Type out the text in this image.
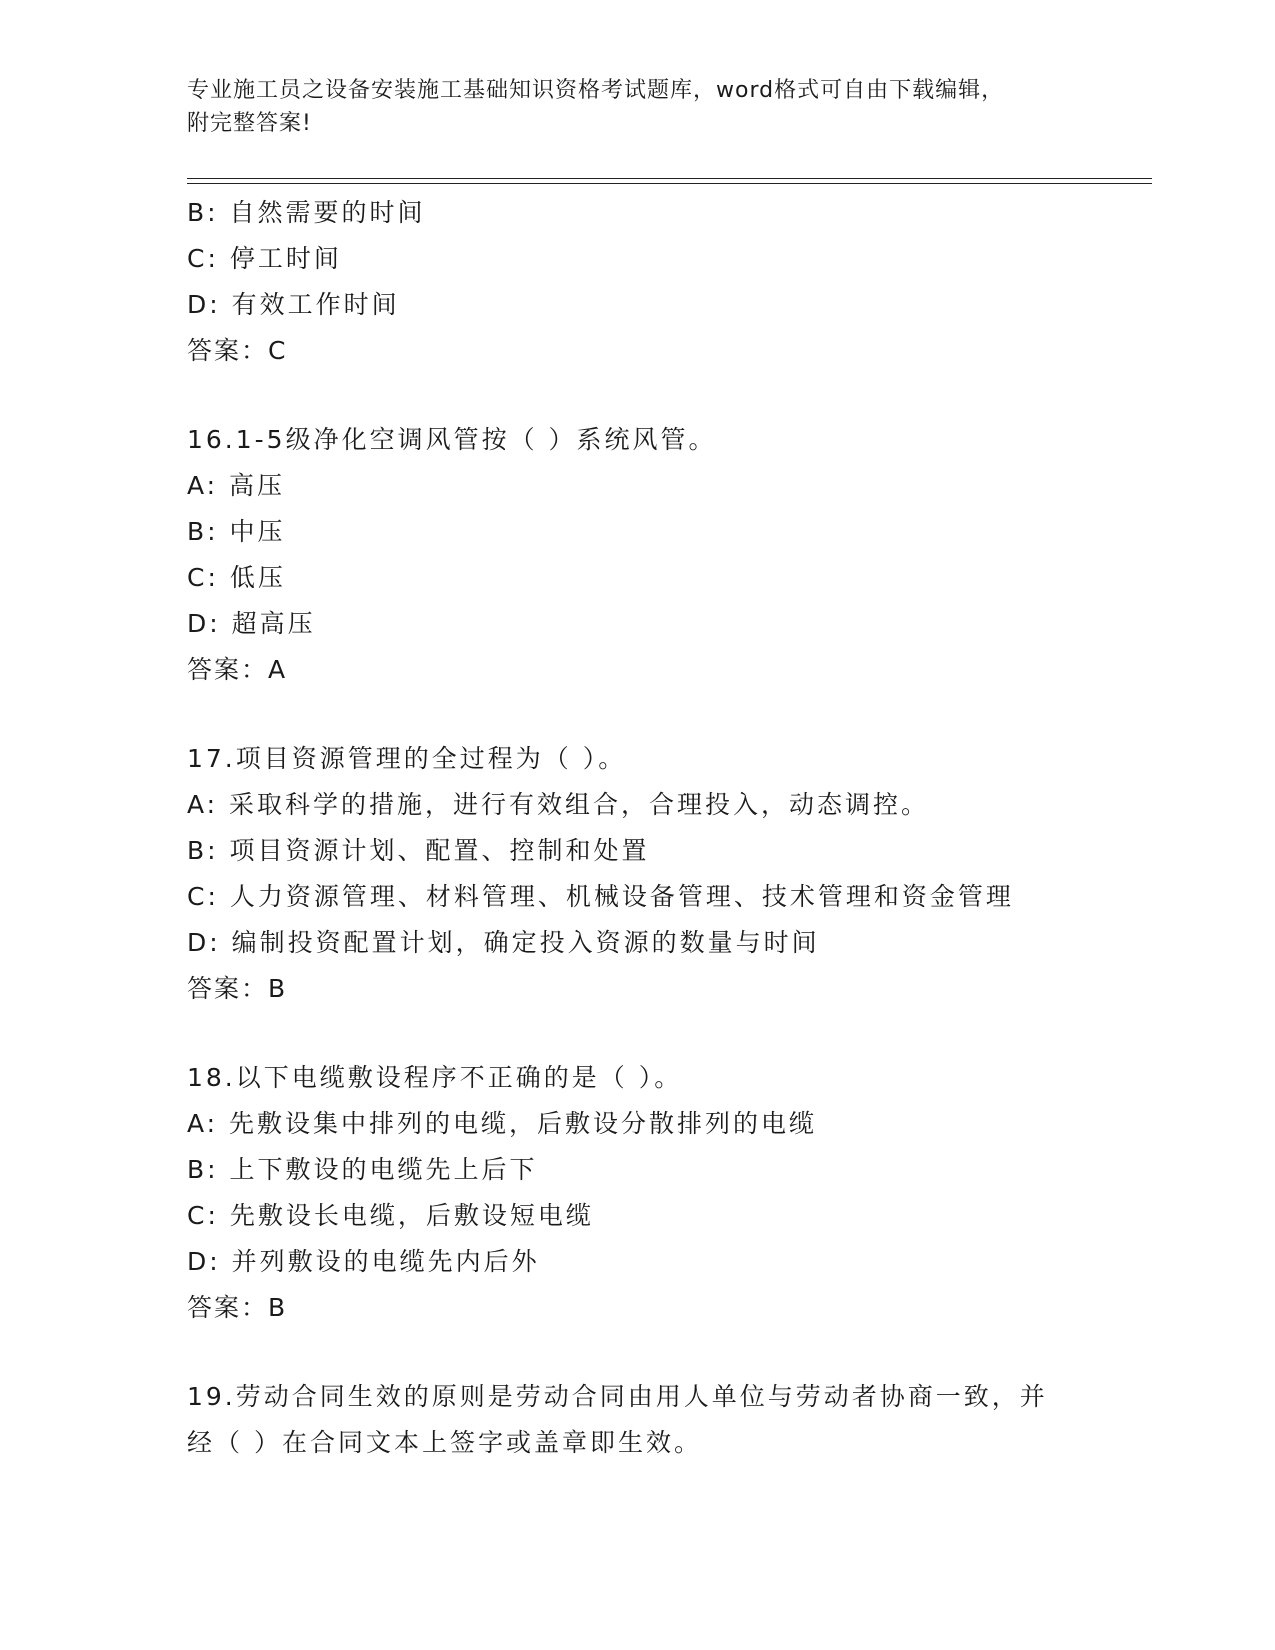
专业施工员之设备安装施工基础知识资格考试题库，word格式可自由下载编辑，
附完整答案!
B: 自然需要的时间
C: 停工时间
D: 有效工作时间
答案：C
16.1-5级净化空调风管按（ ）系统风管。
A: 高压
B: 中压
C: 低压
D: 超高压
答案：A
17.项目资源管理的全过程为（ ）。
A: 采取科学的措施，进行有效组合，合理投入，动态调控。
B: 项目资源计划、配置、控制和处置
C: 人力资源管理、材料管理、机械设备管理、技术管理和资金管理
D: 编制投资配置计划，确定投入资源的数量与时间
答案：B
18.以下电缆敷设程序不正确的是（ ）。
A: 先敷设集中排列的电缆，后敷设分散排列的电缆
B: 上下敷设的电缆先上后下
C: 先敷设长电缆，后敷设短电缆
D: 并列敷设的电缆先内后外
答案：B
19.劳动合同生效的原则是劳动合同由用人单位与劳动者协商一致，并
经（ ）在合同文本上签字或盖章即生效。
